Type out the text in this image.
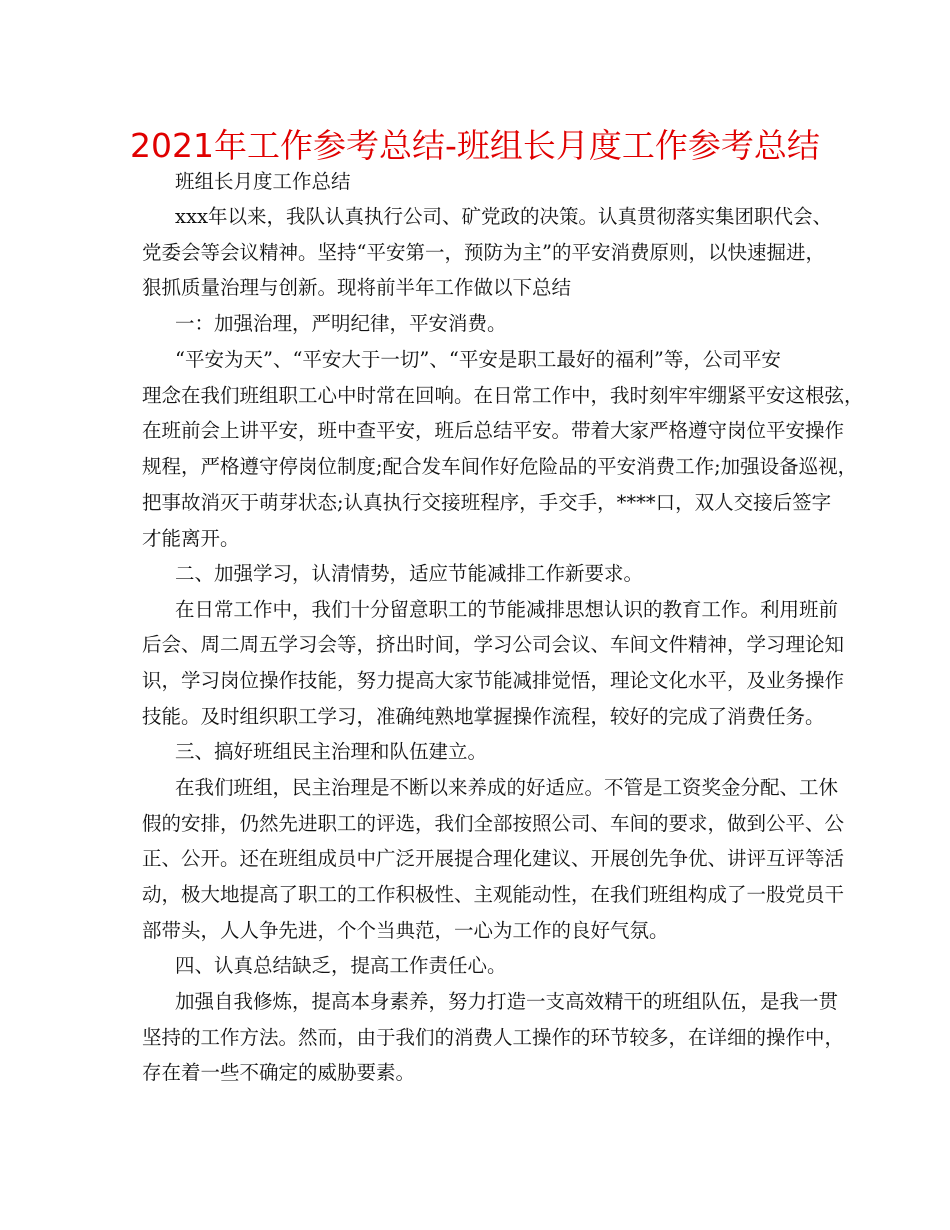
2021年工作参考总结-班组长月度工作参考总结
班组长月度工作总结
xxx年以来，我队认真执行公司、矿党政的决策。认真贯彻落实集团职代会、
党委会等会议精神。坚持“平安第一，预防为主”的平安消费原则，以快速掘进，
狠抓质量治理与创新。现将前半年工作做以下总结
一：加强治理，严明纪律，平安消费。
“平安为天”、“平安大于一切”、“平安是职工最好的福利”等，公司平安
理念在我们班组职工心中时常在回响。在日常工作中，我时刻牢牢绷紧平安这根弦，
在班前会上讲平安，班中查平安，班后总结平安。带着大家严格遵守岗位平安操作
规程，严格遵守停岗位制度;配合发车间作好危险品的平安消费工作;加强设备巡视，
把事故消灭于萌芽状态;认真执行交接班程序，手交手，****口，双人交接后签字
才能离开。
二、加强学习，认清情势，适应节能减排工作新要求。
在日常工作中，我们十分留意职工的节能减排思想认识的教育工作。利用班前
后会、周二周五学习会等，挤出时间，学习公司会议、车间文件精神，学习理论知
识，学习岗位操作技能，努力提高大家节能减排觉悟，理论文化水平，及业务操作
技能。及时组织职工学习，准确纯熟地掌握操作流程，较好的完成了消费任务。
三、搞好班组民主治理和队伍建立。
在我们班组，民主治理是不断以来养成的好适应。不管是工资奖金分配、工休
假的安排，仍然先进职工的评选，我们全部按照公司、车间的要求，做到公平、公
正、公开。还在班组成员中广泛开展提合理化建议、开展创先争优、讲评互评等活
动，极大地提高了职工的工作积极性、主观能动性，在我们班组构成了一股党员干
部带头，人人争先进，个个当典范，一心为工作的良好气氛。
四、认真总结缺乏，提高工作责任心。
加强自我修炼，提高本身素养，努力打造一支高效精干的班组队伍，是我一贯
坚持的工作方法。然而，由于我们的消费人工操作的环节较多，在详细的操作中，
存在着一些不确定的威胁要素。
